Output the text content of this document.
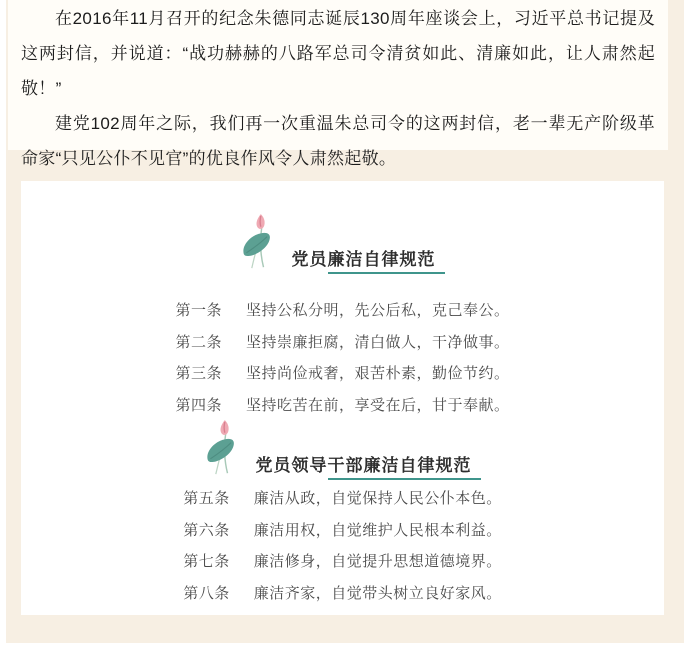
在2016年11月召开的纪念朱德同志诞辰130周年座谈会上，习近平总书记提及这两封信，并说道：“战功赫赫的八路军总司令清贫如此、清廉如此，让人肃然起敬！”

建党102周年之际，我们再一次重温朱总司令的这两封信，老一辈无产阶级革命家“只见公仆不见官”的优良作风令人肃然起敬。

党员廉洁自律规范
第一条 坚持公私分明，先公后私，克己奉公。
第二条 坚持崇廉拒腐，清白做人，干净做事。
第三条 坚持尚俭戒奢，艰苦朴素，勤俭节约。
第四条 坚持吃苦在前，享受在后，甘于奉献。
党员领导干部廉洁自律规范
第五条 廉洁从政，自觉保持人民公仆本色。
第六条 廉洁用权，自觉维护人民根本利益。
第七条 廉洁修身，自觉提升思想道德境界。
第八条 廉洁齐家，自觉带头树立良好家风。
